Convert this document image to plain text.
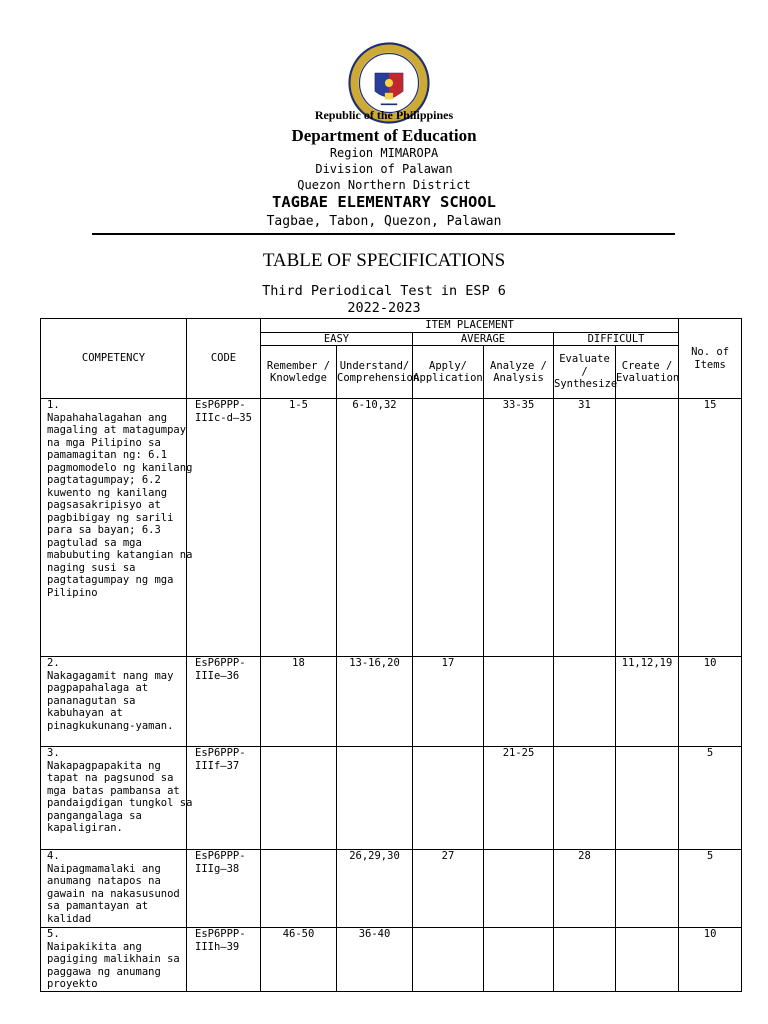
Republic of the Philippines
Department of Education
Region MIMAROPA
Division of Palawan
Quezon Northern District
TAGBAE ELEMENTARY SCHOOL
Tagbae, Tabon, Quezon, Palawan
TABLE OF SPECIFICATIONS
Third Periodical Test in ESP 6
2022-2023
COMPETENCY	CODE	ITEM PLACEMENT						No. of Items
		EASY		AVERAGE		DIFFICULT		
		Remember / Knowledge	Understand/ Comprehension	Apply/ Application	Analyze / Analysis	Evaluate / Synthesize	Create / Evaluation	
1.Napahahalagahan ang magaling at matagumpay na mga Pilipino sa pamamagitan ng: 6.1 pagmomodelo ng kanilang pagtatagumpay; 6.2 kuwento ng kanilang pagsasakripisyo at pagbibigay ng sarili para sa bayan; 6.3 pagtulad sa mga mabubuting katangian na naging susi sa pagtatagumpay ng mga Pilipino	EsP6PPP-IIIc-d–35	1-5	6-10,32		33-35	31		15
2.Nakagagamit nang may pagpapahalaga at pananagutan sa kabuhayan at pinagkukunang-yaman.	EsP6PPP-IIIe–36	18	13-16,20	17			11,12,19	10
3.Nakapagpapakita ng tapat na pagsunod sa mga batas pambansa at pandaigdigan tungkol sa pangangalaga sa kapaligiran.	EsP6PPP-IIIf–37				21-25			5
4.Naipagmamalaki ang anumang natapos na gawain na nakasusunod sa pamantayan at kalidad	EsP6PPP-IIIg–38		26,29,30	27		28		5
5.Naipakikita ang pagiging malikhain sa paggawa ng anumang proyekto	EsP6PPP-IIIh–39	46-50	36-40					10
